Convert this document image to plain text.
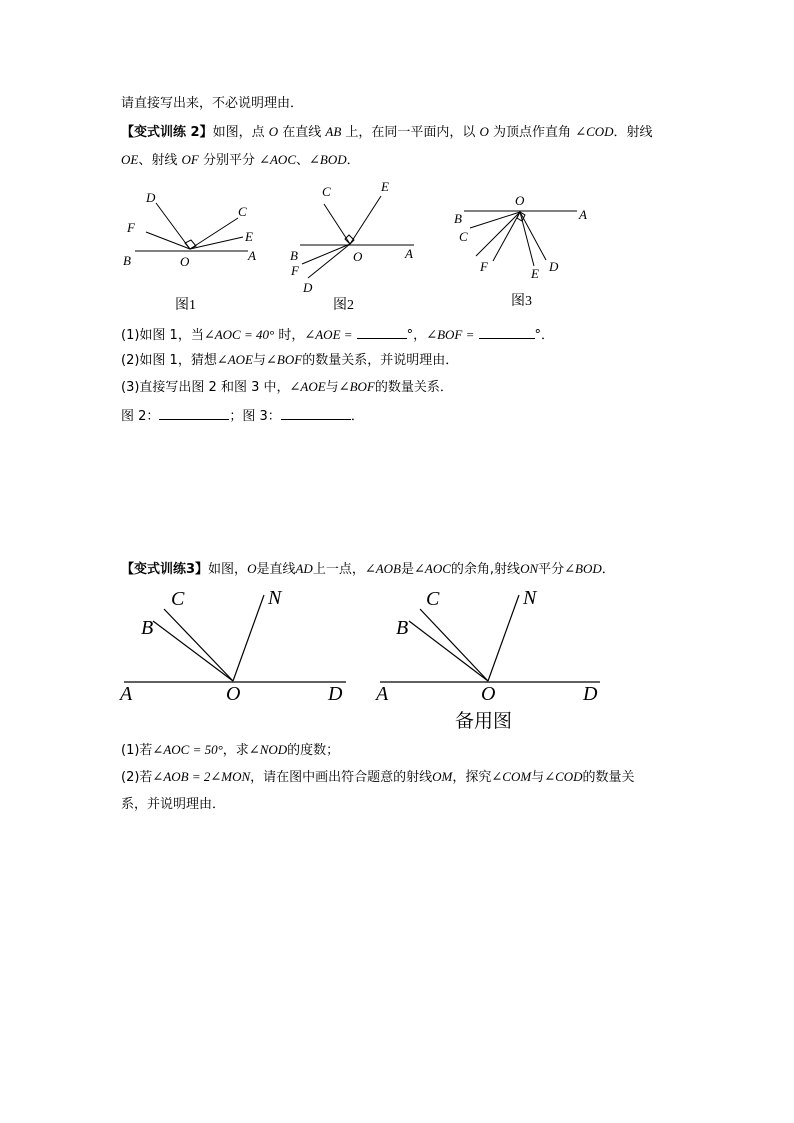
请直接写出来，不必说明理由．
【变式训练 2】如图，点 O 在直线 AB 上，在同一平面内，以 O 为顶点作直角 ∠COD．射线
OE、射线 OF 分别平分 ∠AOC、∠BOD．
D
C
F
E
B	O	A
图1
C	E
B	O	A
F
D
图2
O
A
B
C
F	E D
图3
(1)如图 1，当∠AOC = 40° 时，∠AOE =	°，∠BOF =	°．
(2)如图 1，猜想∠AOE与∠BOF的数量关系，并说明理由．
(3)直接写出图 2 和图 3 中，∠AOE与∠BOF的数量关系．
图 2：	；图 3：	．
【变式训练3】如图，O是直线AD上一点，∠AOB是∠AOC的余角,射线ON平分∠BOD．
C	N
B
A	O	D
C	N
B
A	O	D
备用图
(1)若∠AOC = 50°，求∠NOD的度数；
(2)若∠AOB = 2∠MON，请在图中画出符合题意的射线OM，探究∠COM与∠COD的数量关
系，并说明理由．
